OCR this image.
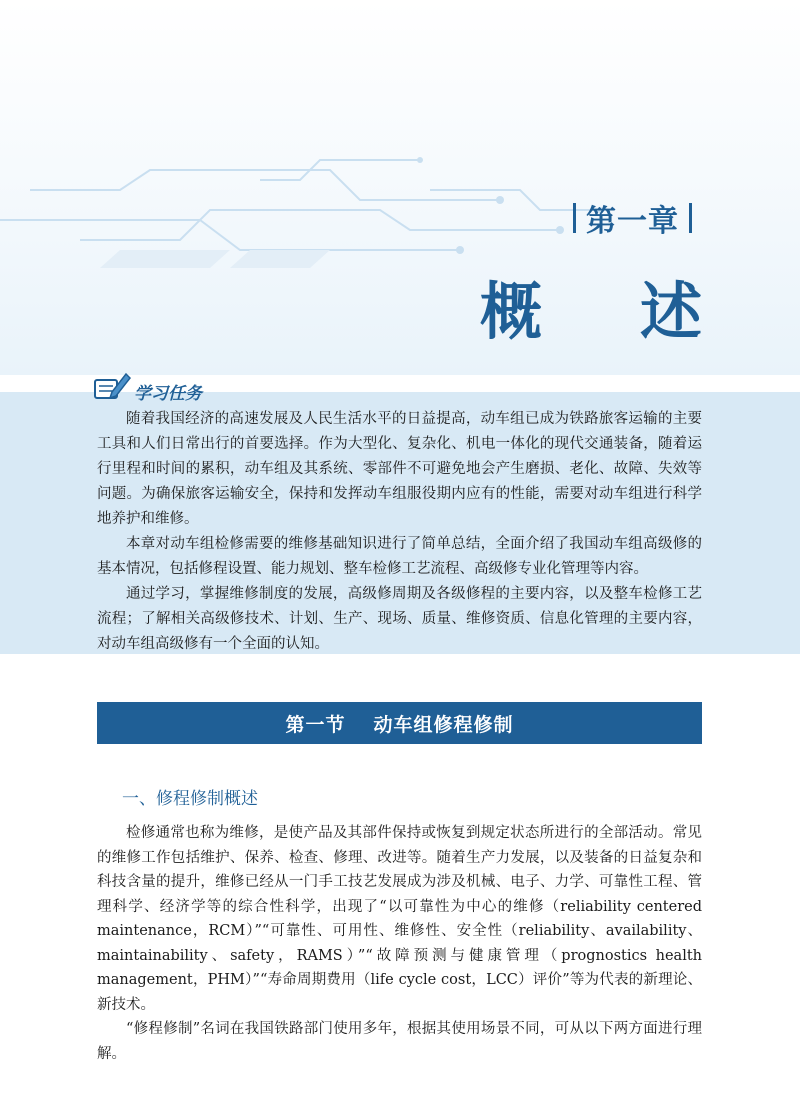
第一章
概述
学习任务

随着我国经济的高速发展及人民生活水平的日益提高，动车组已成为铁路旅客运输的主要工具和人们日常出行的首要选择。作为大型化、复杂化、机电一体化的现代交通装备，随着运行里程和时间的累积，动车组及其系统、零部件不可避免地会产生磨损、老化、故障、失效等问题。为确保旅客运输安全，保持和发挥动车组服役期内应有的性能，需要对动车组进行科学地养护和维修。

本章对动车组检修需要的维修基础知识进行了简单总结，全面介绍了我国动车组高级修的基本情况，包括修程设置、能力规划、整车检修工艺流程、高级修专业化管理等内容。

通过学习，掌握维修制度的发展，高级修周期及各级修程的主要内容，以及整车检修工艺流程；了解相关高级修技术、计划、生产、现场、质量、维修资质、信息化管理的主要内容，对动车组高级修有一个全面的认知。

第一节 动车组修程修制
一、修程修制概述

检修通常也称为维修，是使产品及其部件保持或恢复到规定状态所进行的全部活动。常见的维修工作包括维护、保养、检查、修理、改进等。随着生产力发展，以及装备的日益复杂和科技含量的提升，维修已经从一门手工技艺发展成为涉及机械、电子、力学、可靠性工程、管理科学、经济学等的综合性科学，出现了“以可靠性为中心的维修（reliability centered maintenance，RCM）”“可靠性、可用性、维修性、安全性（reliability、availability、maintainability、safety，RAMS）”“故障预测与健康管理（prognostics health management，PHM）”“寿命周期费用（life cycle cost，LCC）评价”等为代表的新理论、新技术。

“修程修制”名词在我国铁路部门使用多年，根据其使用场景不同，可从以下两方面进行理解。
